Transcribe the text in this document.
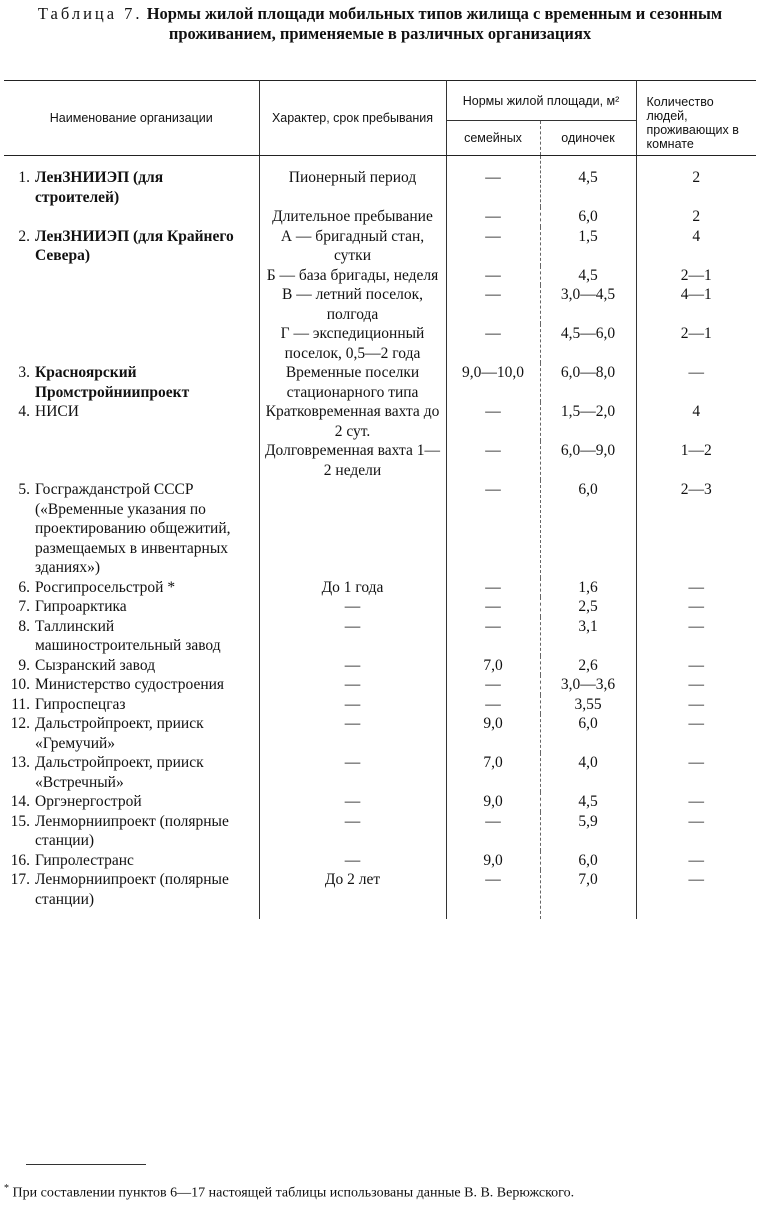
Таблица 7. Нормы жилой площади мобильных типов жилища с временным и сезонным проживанием, применяемые в различных организациях
Наименование организации	Характер, срок пребывания	Нормы жилой площади, м²		Количество людей, проживающих в комнате
		семейных	одиночек	
1. ЛенЗНИИЭП (для строителей)	Пионерный период	—	4,5	2
	Длительное пребывание	—	6,0	2
2. ЛенЗНИИЭП (для Крайнего Севера)	А — бригадный стан, сутки	—	1,5	4
	Б — база бригады, неделя	—	4,5	2—1
	В — летний поселок, полгода	—	3,0—4,5	4—1
	Г — экспедиционный поселок, 0,5—2 года	—	4,5—6,0	2—1
3. Красноярский Промстройниипроект	Временные поселки стационарного типа	9,0—10,0	6,0—8,0	—
4. НИСИ	Кратковременная вахта до 2 сут.	—	1,5—2,0	4
	Долговременная вахта 1—2 недели	—	6,0—9,0	1—2
5. Госгражданстрой СССР («Временные указания по проектированию общежитий, размещаемых в инвентарных зданиях»)		—	6,0	2—3
6. Росгипросельстрой *	До 1 года	—	1,6	—
7. Гипроарктика	—	—	2,5	—
8. Таллинский машиностроительный завод	—	—	3,1	—
9. Сызранский завод	—	7,0	2,6	—
10. Министерство судостроения	—	—	3,0—3,6	—
11. Гипроспецгаз	—	—	3,55	—
12. Дальстройпроект, прииск «Гремучий»	—	9,0	6,0	—
13. Дальстройпроект, прииск «Встречный»	—	7,0	4,0	—
14. Оргэнергострой	—	9,0	4,5	—
15. Ленморниипроект (полярные станции)	—	—	5,9	—
16. Гипролестранс	—	9,0	6,0	—
17. Ленморниипроект (полярные станции)	До 2 лет	—	7,0	—
* При составлении пунктов 6—17 настоящей таблицы использованы данные В. В. Верюжского.
